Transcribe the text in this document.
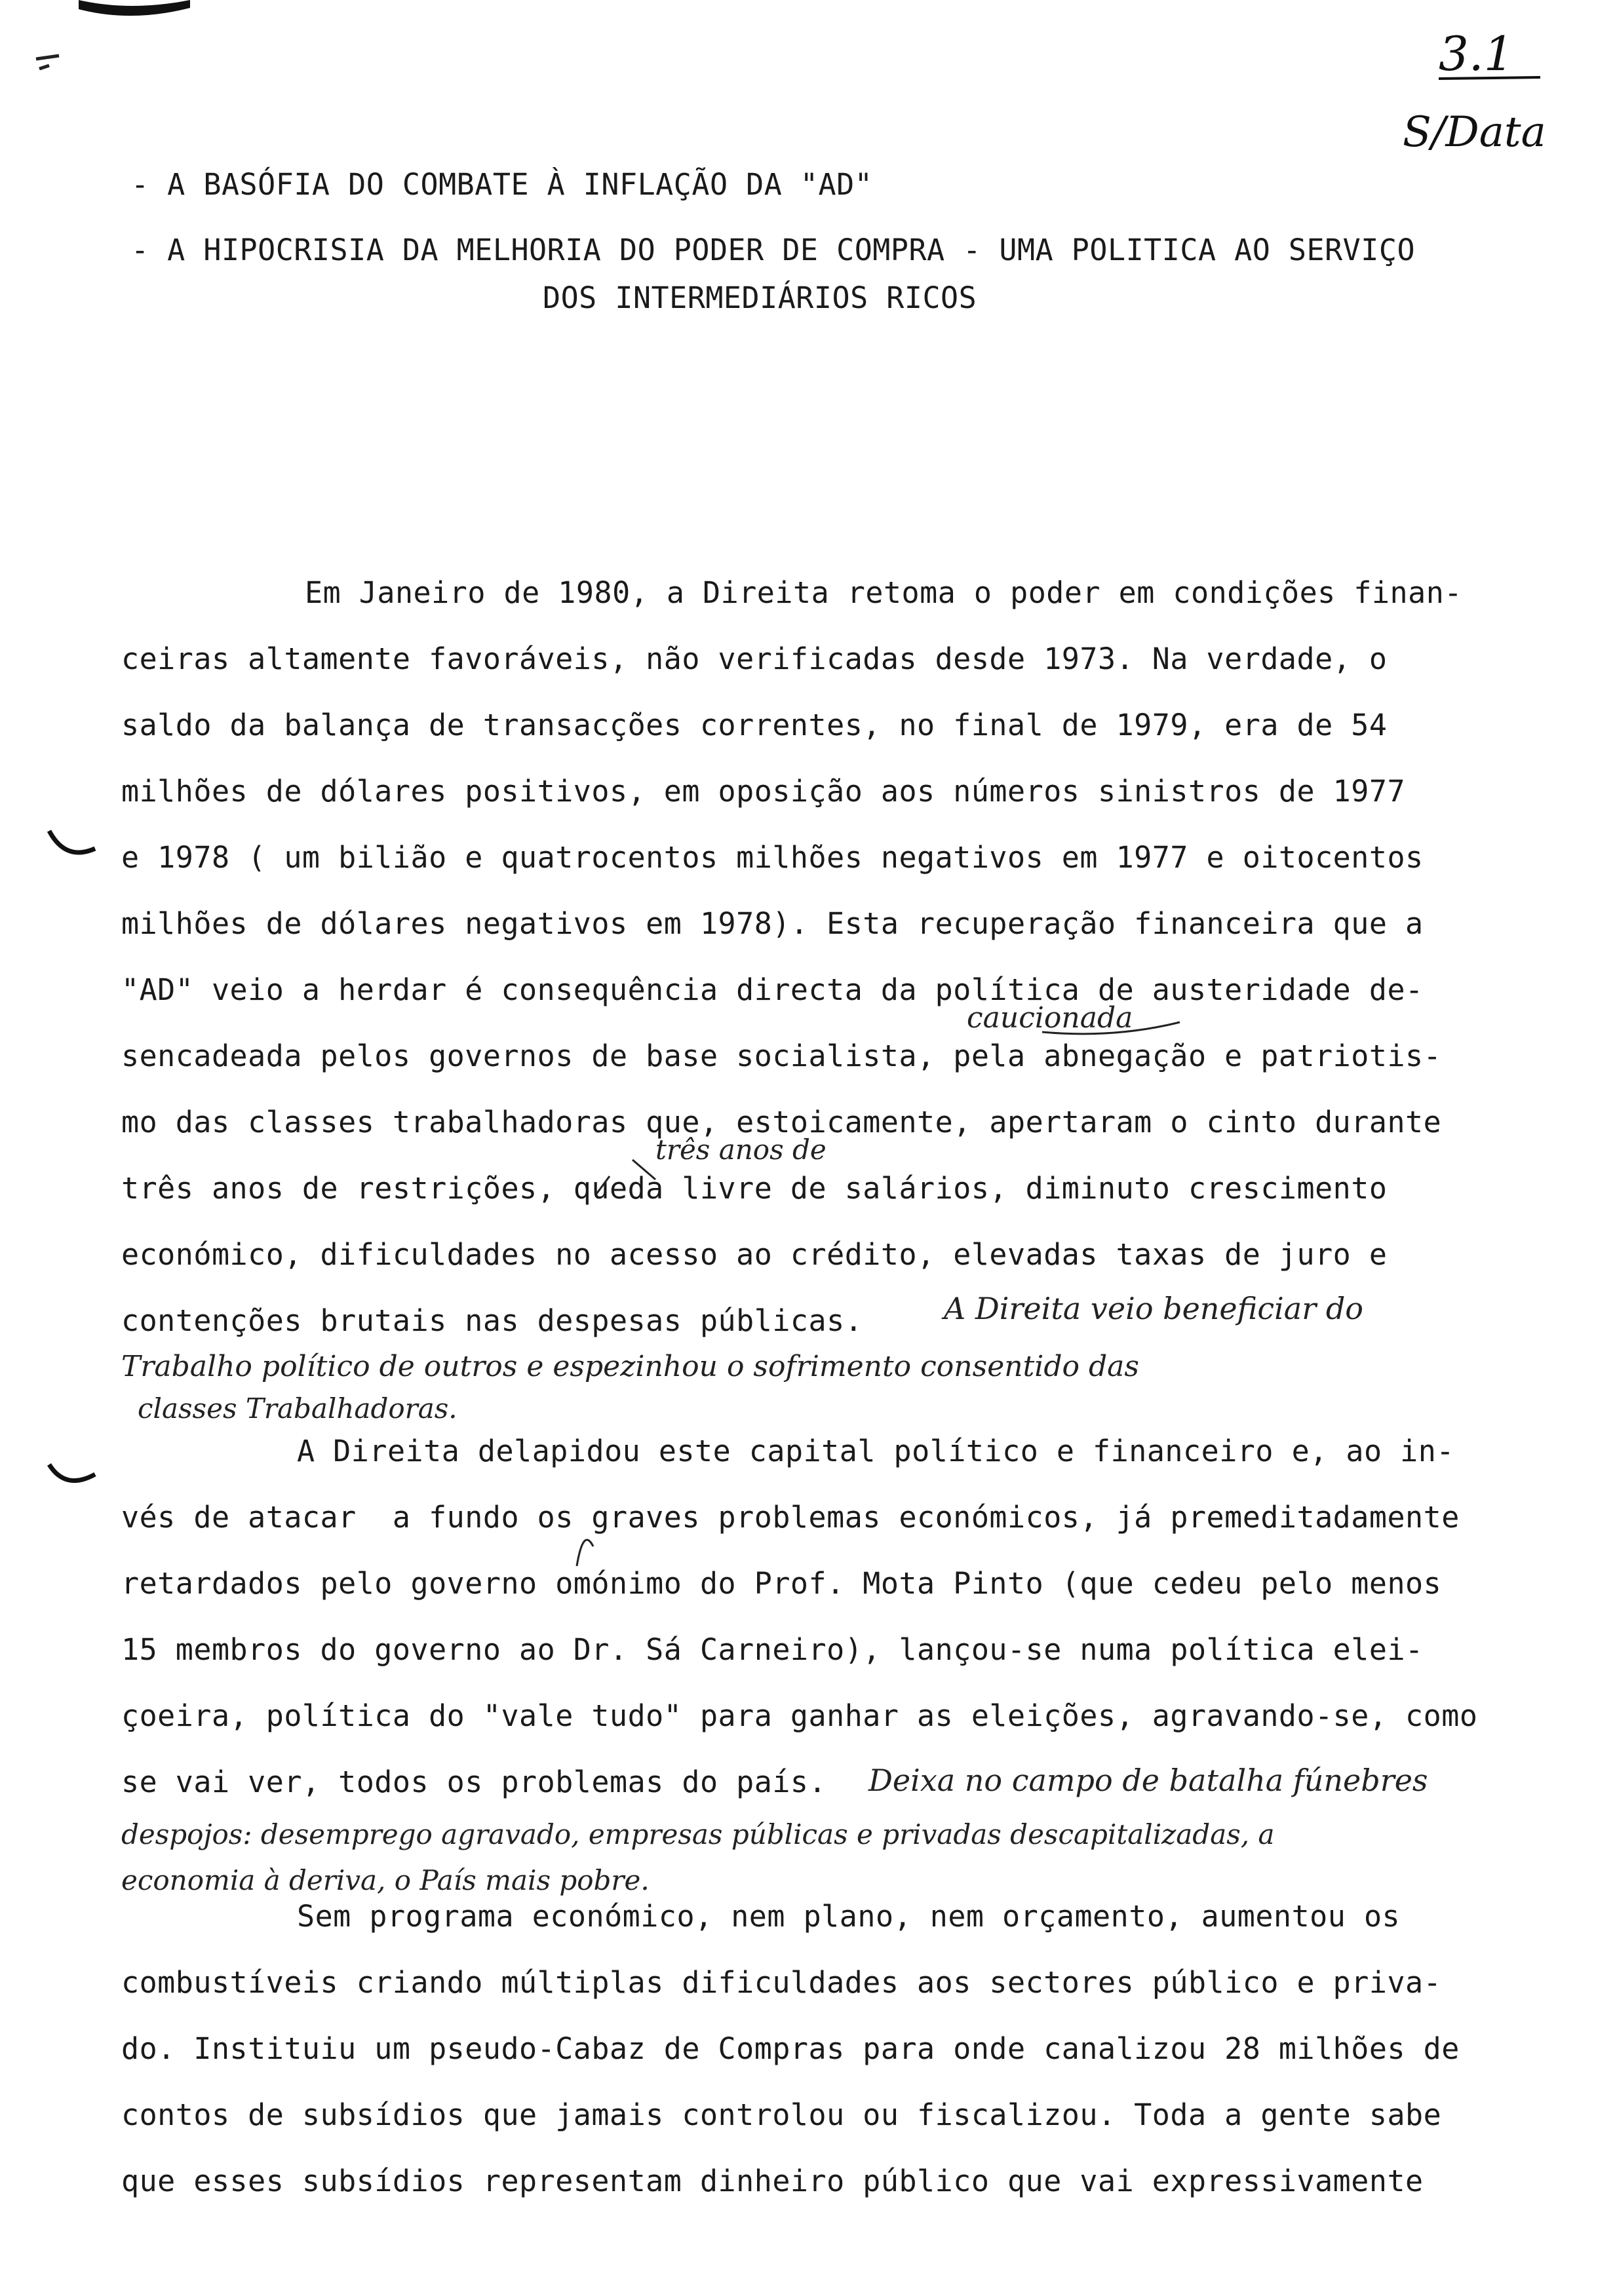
3.1
S/Data
- A BASÓFIA DO COMBATE À INFLAÇÃO DA "AD"
- A HIPOCRISIA DA MELHORIA DO PODER DE COMPRA - UMA POLITICA AO SERVIÇO
DOS INTERMEDIÁRIOS RICOS
Em Janeiro de 1980, a Direita retoma o poder em condições finan-
ceiras altamente favoráveis, não verificadas desde 1973. Na verdade, o
saldo da balança de transacções correntes, no final de 1979, era de 54
milhões de dólares positivos, em oposição aos números sinistros de 1977
e 1978 ( um bilião e quatrocentos milhões negativos em 1977 e oitocentos
milhões de dólares negativos em 1978). Esta recuperação financeira que a
"AD" veio a herdar é consequência directa da política de austeridade de-
sencadeada pelos governos de base socialista, pela abnegação e patriotis-
mo das classes trabalhadoras que, estoicamente, apertaram o cinto durante
três anos de restrições, queda livre de salários, diminuto crescimento
económico, dificuldades no acesso ao crédito, elevadas taxas de juro e
contenções brutais nas despesas públicas.
caucionada
três anos de
A Direita veio beneficiar do
Trabalho político de outros e espezinhou o sofrimento consentido das
classes Trabalhadoras.
A Direita delapidou este capital político e financeiro e, ao in-
vés de atacar  a fundo os graves problemas económicos, já premeditadamente
retardados pelo governo omónimo do Prof. Mota Pinto (que cedeu pelo menos
15 membros do governo ao Dr. Sá Carneiro), lançou-se numa política elei-
çoeira, política do "vale tudo" para ganhar as eleições, agravando-se, como
se vai ver, todos os problemas do país. Deixa no campo de batalha fúnebres
despojos: desemprego agravado, empresas públicas e privadas descapitalizadas, a
economia à deriva, o País mais pobre.
Sem programa económico, nem plano, nem orçamento, aumentou os
combustíveis criando múltiplas dificuldades aos sectores público e priva-
do. Instituiu um pseudo-Cabaz de Compras para onde canalizou 28 milhões de
contos de subsídios que jamais controlou ou fiscalizou. Toda a gente sabe
que esses subsídios representam dinheiro público que vai expressivamente
